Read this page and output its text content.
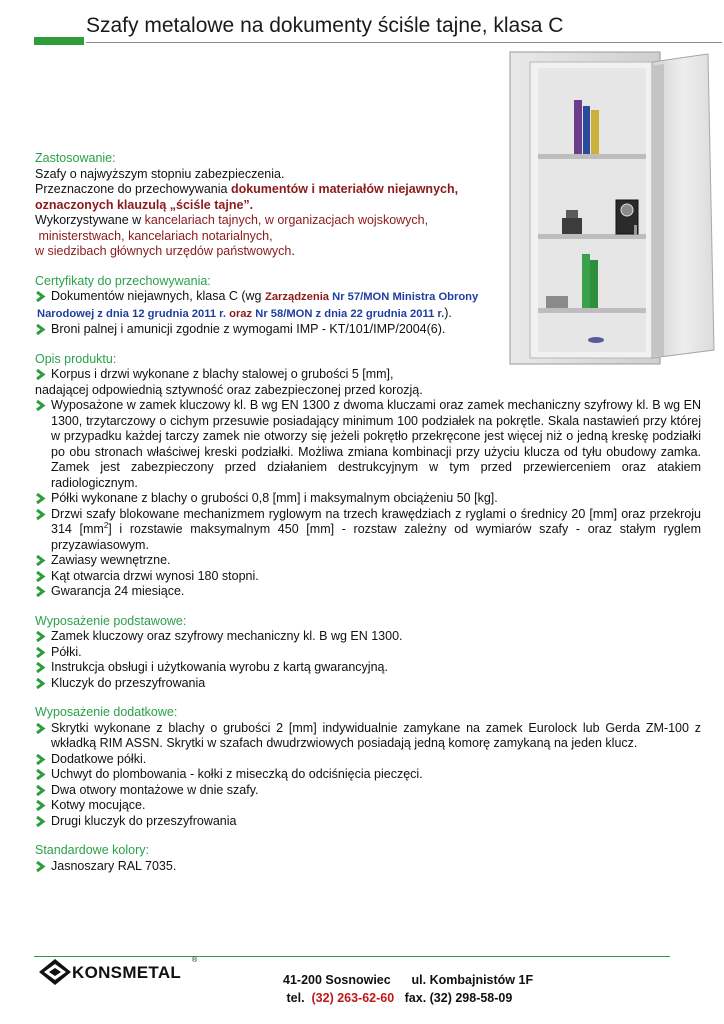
Szafy metalowe na dokumenty ściśle tajne, klasa C
Zastosowanie:
Szafy o najwyższym stopniu zabezpieczenia.
Przeznaczone do przechowywania dokumentów i materiałów niejawnych,
oznaczonych klauzulą „ściśle tajne”.
Wykorzystywane w kancelariach tajnych, w organizacjach wojskowych,
ministerstwach, kancelariach notarialnych,
w siedzibach głównych urzędów państwowych.
Certyfikaty do przechowywania:
Dokumentów niejawnych, klasa C (wg Zarządzenia Nr 57/MON Ministra Obrony
Narodowej z dnia 12 grudnia 2011 r. oraz Nr 58/MON z dnia 22 grudnia 2011 r.).
Broni palnej i amunicji zgodnie z wymogami IMP - KT/101/IMP/2004(6).
Opis produktu:
Korpus i drzwi wykonane z blachy stalowej o grubości 5 [mm],
nadającej odpowiednią sztywność oraz zabezpieczonej przed korozją.
Wyposażone w zamek kluczowy kl. B wg EN 1300 z dwoma kluczami oraz zamek mechaniczny szyfrowy kl. B wg EN 1300, trzytarczowy o cichym przesuwie posiadający minimum 100 podziałek na pokrętle. Skala nastawień przy której w przypadku każdej tarczy zamek nie otworzy się jeżeli pokrętło przekręcone jest więcej niż o jedną kreskę podziałki po obu stronach właściwej kreski podziałki. Możliwa zmiana kombinacji przy użyciu klucza od tyłu obudowy zamka. Zamek jest zabezpieczony przed działaniem destrukcyjnym w tym przed przewierceniem oraz atakiem radiologicznym.
Półki wykonane z blachy o grubości 0,8 [mm] i maksymalnym obciążeniu 50 [kg].
Drzwi szafy blokowane mechanizmem ryglowym na trzech krawędziach z ryglami o średnicy 20 [mm] oraz przekroju 314 $[mm^2]$ i rozstawie maksymalnym 450 [mm] - rozstaw zależny od wymiarów szafy - oraz stałym ryglem przyzawiasowym.
Zawiasy wewnętrzne.
Kąt otwarcia drzwi wynosi 180 stopni.
Gwarancja 24 miesiące.
Wyposażenie podstawowe:
Zamek kluczowy oraz szyfrowy mechaniczny kl. B wg EN 1300.
Półki.
Instrukcja obsługi i użytkowania wyrobu z kartą gwarancyjną.
Kluczyk do przeszyfrowania
Wyposażenie dodatkowe:
Skrytki wykonane z blachy o grubości 2 [mm] indywidualnie zamykane na zamek Eurolock lub Gerda ZM-100 z wkładką RIM ASSN. Skrytki w szafach dwudrzwiowych posiadają jedną komorę zamykaną na jeden klucz.
Dodatkowe półki.
Uchwyt do plombowania - kołki z miseczką do odciśnięcia pieczęci.
Dwa otwory montażowe w dnie szafy.
Kotwy mocujące.
Drugi kluczyk do przeszyfrowania
Standardowe kolory:
Jasnoszary RAL 7035.
KONSMETAL
®
41-200 Sosnowiec ul. Kombajnistów 1F
tel. (32) 263-62-60 fax. (32) 298-58-09
